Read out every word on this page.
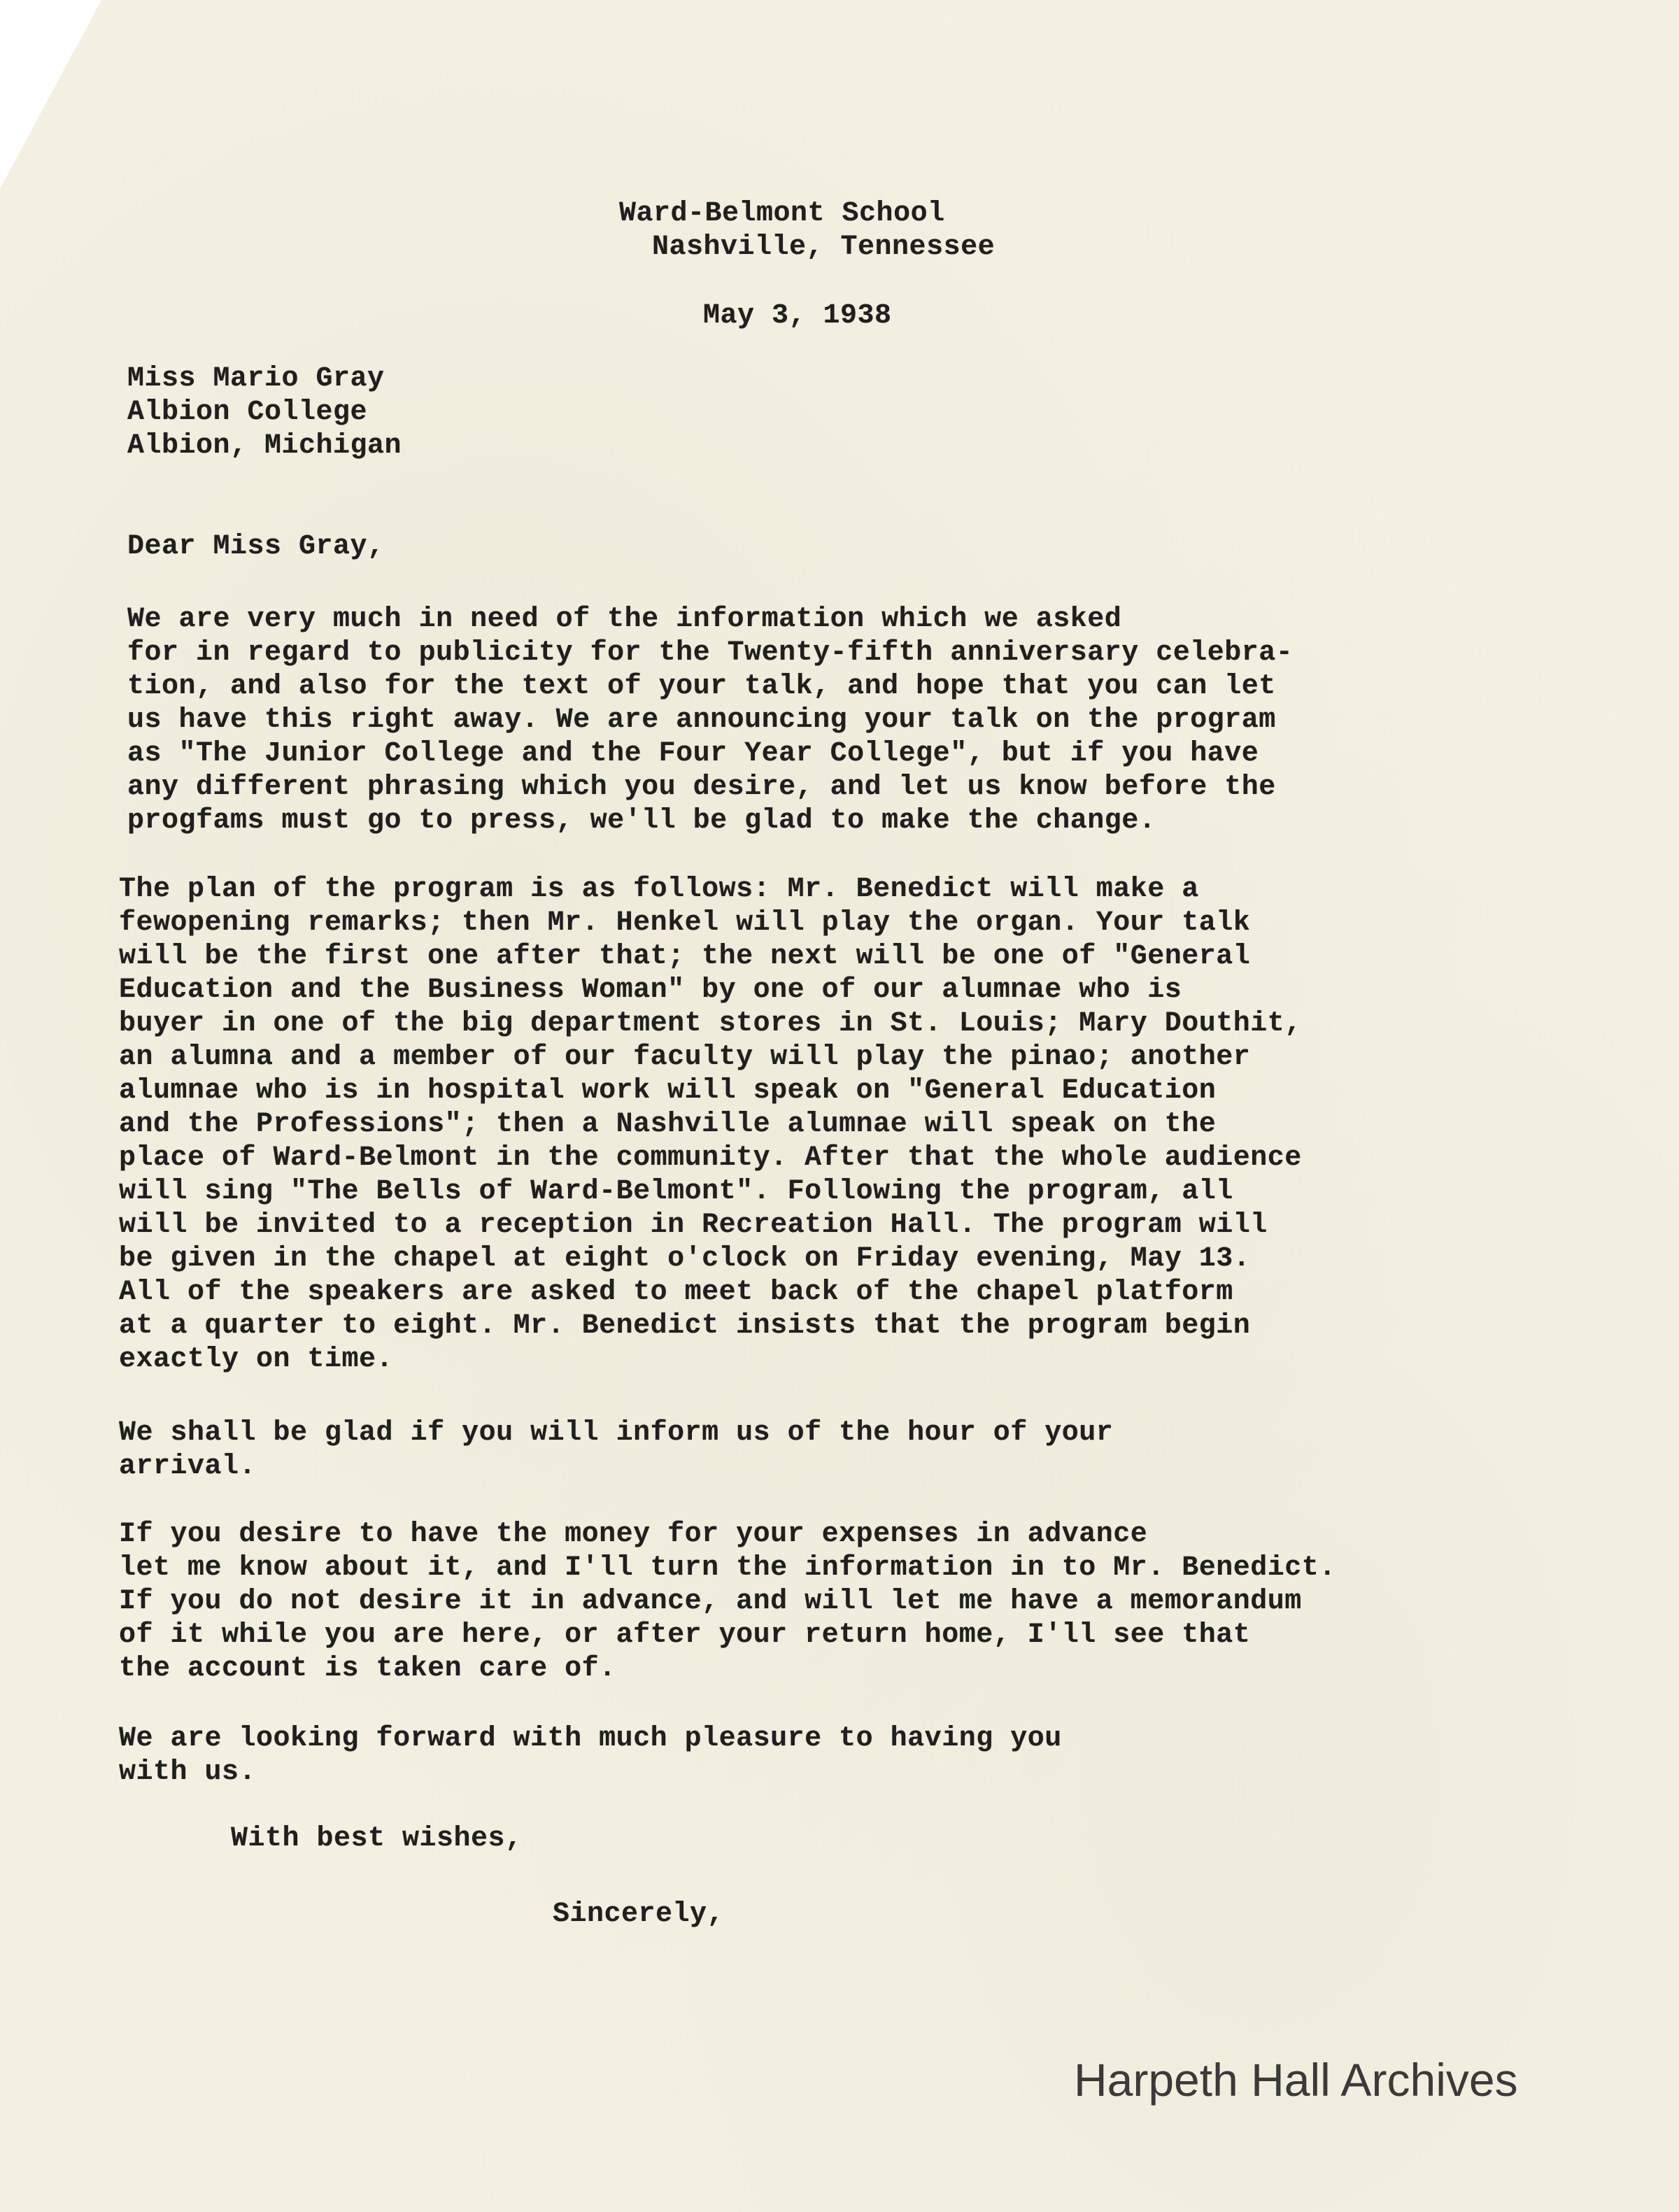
Ward-Belmont School
Nashville, Tennessee
May 3, 1938
Miss Mario Gray
Albion College
Albion, Michigan
Dear Miss Gray,
We are very much in need of the information which we asked
for in regard to publicity for the Twenty-fifth anniversary celebra-
tion, and also for the text of your talk, and hope that you can let
us have this right away. We are announcing your talk on the program
as "The Junior College and the Four Year College", but if you have
any different phrasing which you desire, and let us know before the
progfams must go to press, we'll be glad to make the change.
The plan of the program is as follows: Mr. Benedict will make a
fewopening remarks; then Mr. Henkel will play the organ. Your talk
will be the first one after that; the next will be one of "General
Education and the Business Woman" by one of our alumnae who is
buyer in one of the big department stores in St. Louis; Mary Douthit,
an alumna and a member of our faculty will play the pinao; another
alumnae who is in hospital work will speak on "General Education
and the Professions"; then a Nashville alumnae will speak on the
place of Ward-Belmont in the community. After that the whole audience
will sing "The Bells of Ward-Belmont". Following the program, all
will be invited to a reception in Recreation Hall. The program will
be given in the chapel at eight o'clock on Friday evening, May 13.
All of the speakers are asked to meet back of the chapel platform
at a quarter to eight. Mr. Benedict insists that the program begin
exactly on time.
We shall be glad if you will inform us of the hour of your
arrival.
If you desire to have the money for your expenses in advance
let me know about it, and I'll turn the information in to Mr. Benedict.
If you do not desire it in advance, and will let me have a memorandum
of it while you are here, or after your return home, I'll see that
the account is taken care of.
We are looking forward with much pleasure to having you
with us.
With best wishes,
Sincerely,
Harpeth Hall Archives
